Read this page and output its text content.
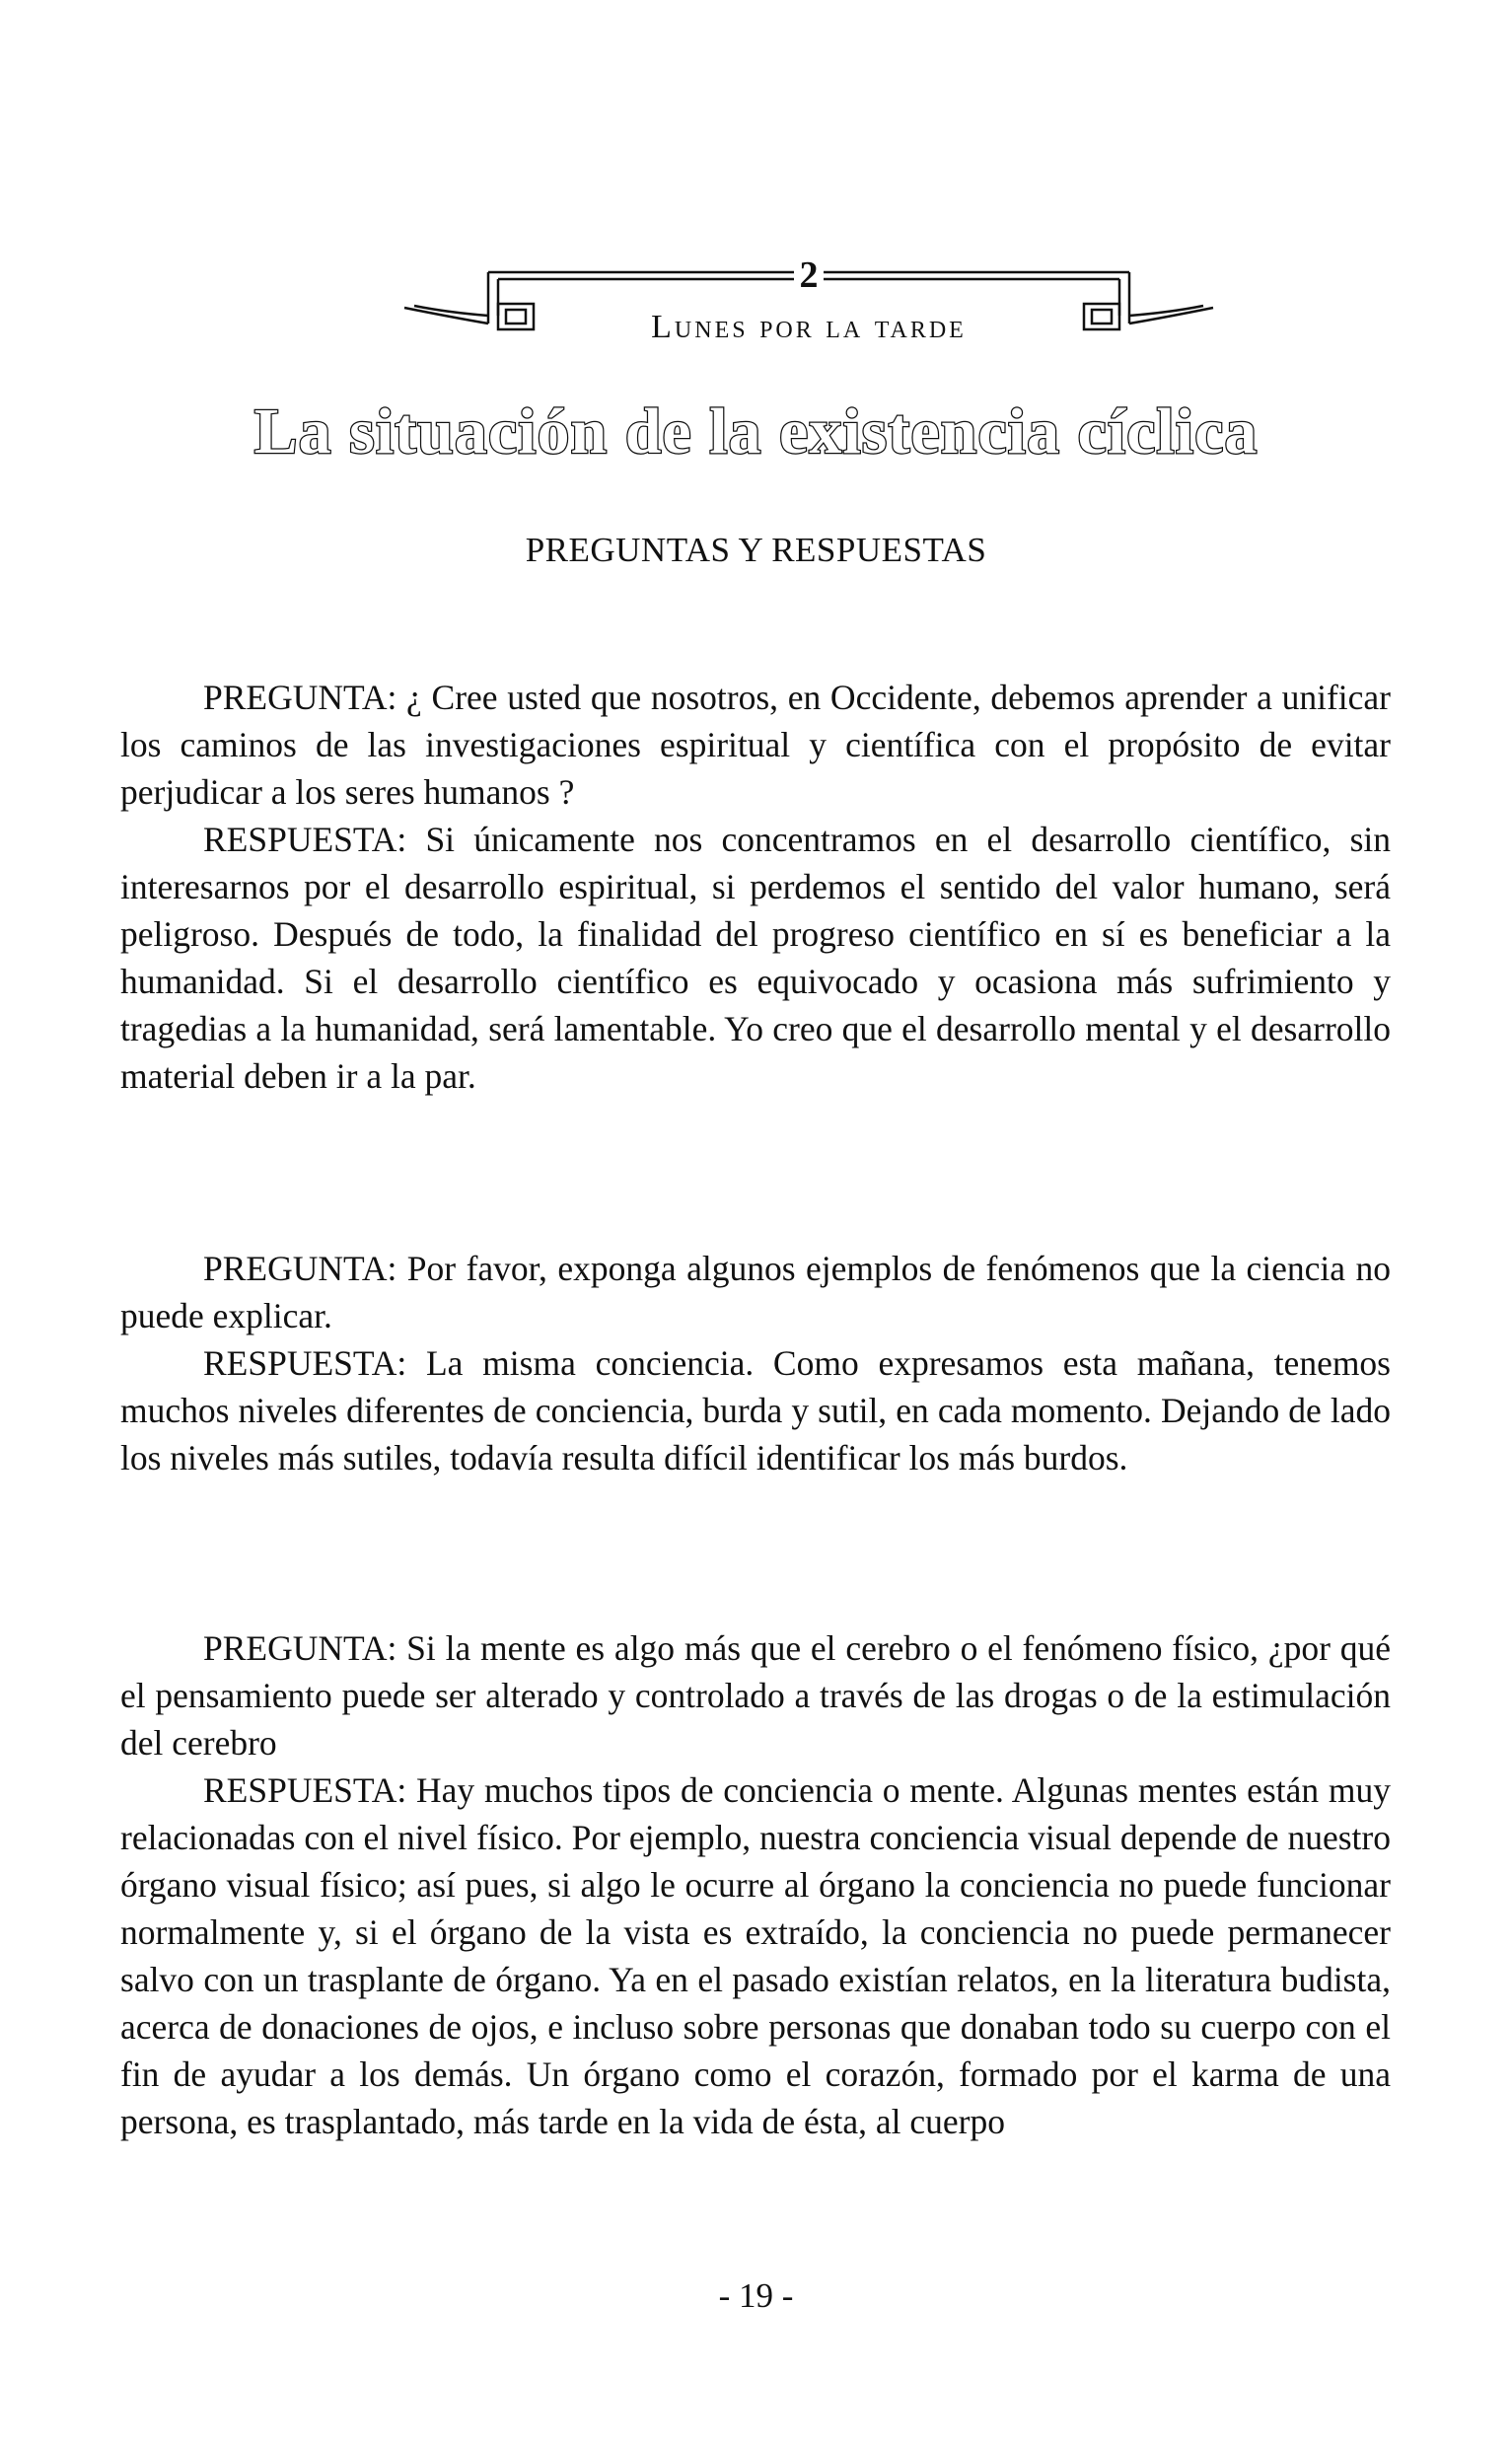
2
Lunes por la tarde
La situación de la existencia cíclica
PREGUNTAS Y RESPUESTAS

PREGUNTA: ¿ Cree usted que nosotros, en Occidente, debemos aprender a unificar los caminos de las investigaciones espiritual y científica con el propósito de evitar perjudicar a los seres humanos ?

RESPUESTA: Si únicamente nos concentramos en el desarrollo científico, sin interesarnos por el desarrollo espiritual, si perdemos el sentido del valor humano, será peligroso. Después de todo, la finalidad del progreso científico en sí es beneficiar a la humanidad. Si el desarrollo científico es equivocado y ocasiona más sufrimiento y tragedias a la humanidad, será lamentable. Yo creo que el desarrollo mental y el desarrollo material deben ir a la par.

PREGUNTA: Por favor, exponga algunos ejemplos de fenómenos que la ciencia no puede explicar.

RESPUESTA: La misma conciencia. Como expresamos esta mañana, tenemos muchos niveles diferentes de conciencia, burda y sutil, en cada momento. Dejando de lado los niveles más sutiles, todavía resulta difícil identificar los más burdos.

PREGUNTA: Si la mente es algo más que el cerebro o el fenómeno físico, ¿por qué el pensamiento puede ser alterado y controlado a través de las drogas o de la estimulación del cerebro

RESPUESTA: Hay muchos tipos de conciencia o mente. Algunas mentes están muy relacionadas con el nivel físico. Por ejemplo, nuestra conciencia visual depende de nuestro órgano visual físico; así pues, si algo le ocurre al órgano la conciencia no puede funcionar normalmente y, si el órgano de la vista es extraído, la conciencia no puede permanecer salvo con un trasplante de órgano. Ya en el pasado existían relatos, en la literatura budista, acerca de donaciones de ojos, e incluso sobre personas que donaban todo su cuerpo con el fin de ayudar a los demás. Un órgano como el corazón, formado por el karma de una persona, es trasplantado, más tarde en la vida de ésta, al cuerpo

- 19 -
